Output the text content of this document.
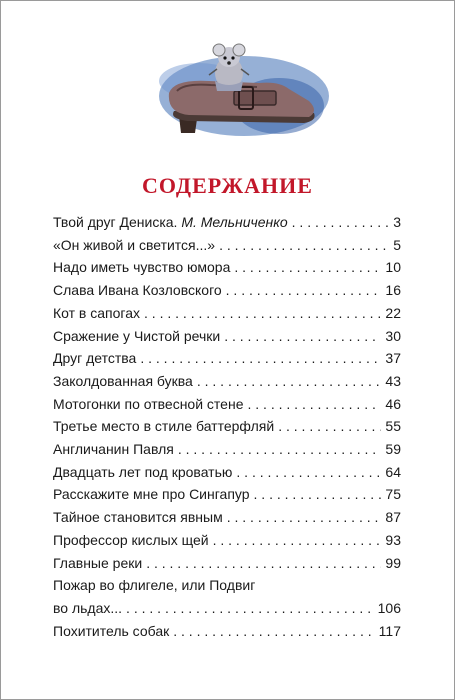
СОДЕРЖАНИЕ
Твой друг Дениска. М. Мельниченко . . .	3
«Он живой и светится...» . . .	5
Надо иметь чувство юмора . . .	10
Слава Ивана Козловского . . .	16
Кот в сапогах . . .	22
Сражение у Чистой речки . . .	30
Друг детства . . .	37
Заколдованная буква . . .	43
Мотогонки по отвесной стене . . .	46
Третье место в стиле баттерфляй . . .	55
Англичанин Павля . . .	59
Двадцать лет под кроватью . . .	64
Расскажите мне про Сингапур . . .	75
Тайное становится явным . . .	87
Профессор кислых щей . . .	93
Главные реки . . .	99
Пожар во флигеле, или Подвиг
во льдах... . . .	106
Похититель собак . . .	117
